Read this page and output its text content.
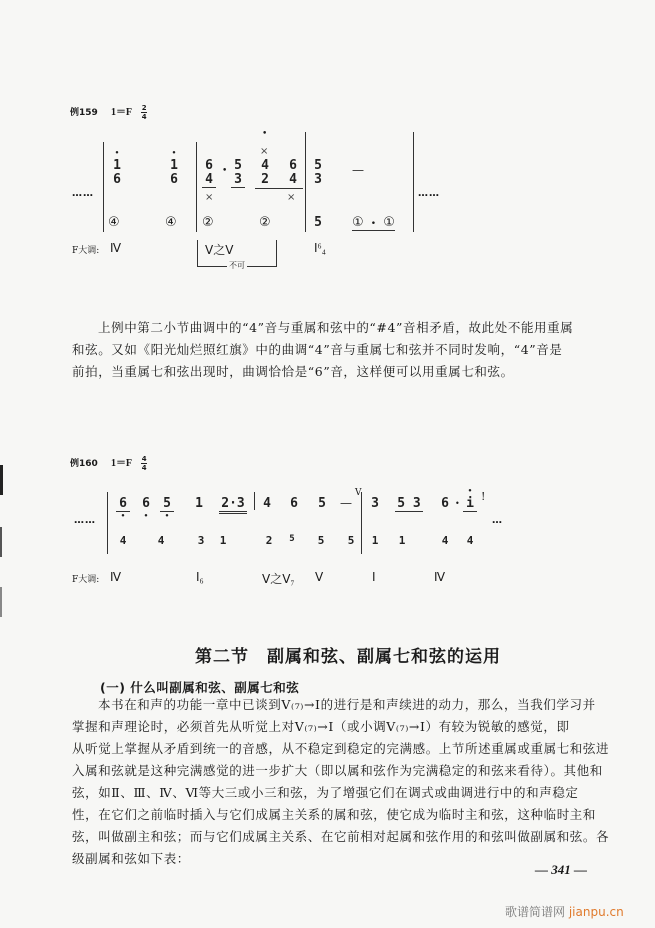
例159 $1=F \frac{2}{4}$
……	……
• 1
6
• 1
6
④	④
6
4
• 5
3
•
×
4
2
6
4
×	×
②	②
5
3
—
5 ① • ①
F大调: Ⅳ	Ⅴ之Ⅴ
不可
Ⅰ⁶₄
上例中第二小节曲调中的“4”音与重属和弦中的“#4”音相矛盾，故此处不能用重属
和弦。又如《阳光灿烂照红旗》中的曲调“4”音与重属七和弦并不同时发响，“4”音是
前拍，当重属七和弦出现时，曲调恰恰是“6”音，这样便可以用重属七和弦。
例160 $1=F \frac{4}{4}$
……	…
6 • 6 • 5 • 1 2·3 4 6 5 —
V
3 5 3 6 • • i !
4	4	3	1	2	5	5	5	1	1	4	4
F大调: Ⅳ	Ⅰ₆	Ⅴ之Ⅴ₇ Ⅴ	Ⅰ	Ⅳ
第二节　副属和弦、副属七和弦的运用
(一) 什么叫副属和弦、副属七和弦
本书在和声的功能一章中已谈到Ⅴ₍₇₎→Ⅰ的进行是和声续进的动力，那么，当我们学习并
掌握和声理论时，必须首先从听觉上对Ⅴ₍₇₎→Ⅰ（或小调Ⅴ₍₇₎→Ⅰ）有较为锐敏的感觉，即
从听觉上掌握从矛盾到统一的音感，从不稳定到稳定的完满感。上节所述重属或重属七和弦进
入属和弦就是这种完满感觉的进一步扩大（即以属和弦作为完满稳定的和弦来看待）。其他和
弦，如Ⅱ、Ⅲ、Ⅳ、Ⅵ等大三或小三和弦，为了增强它们在调式或曲调进行中的和声稳定
性，在它们之前临时插入与它们成属主关系的属和弦，使它成为临时主和弦，这种临时主和
弦，叫做副主和弦；而与它们成属主关系、在它前相对起属和弦作用的和弦叫做副属和弦。各
级副属和弦如下表：
— 341 —
歌谱简谱网 jianpu.cn
